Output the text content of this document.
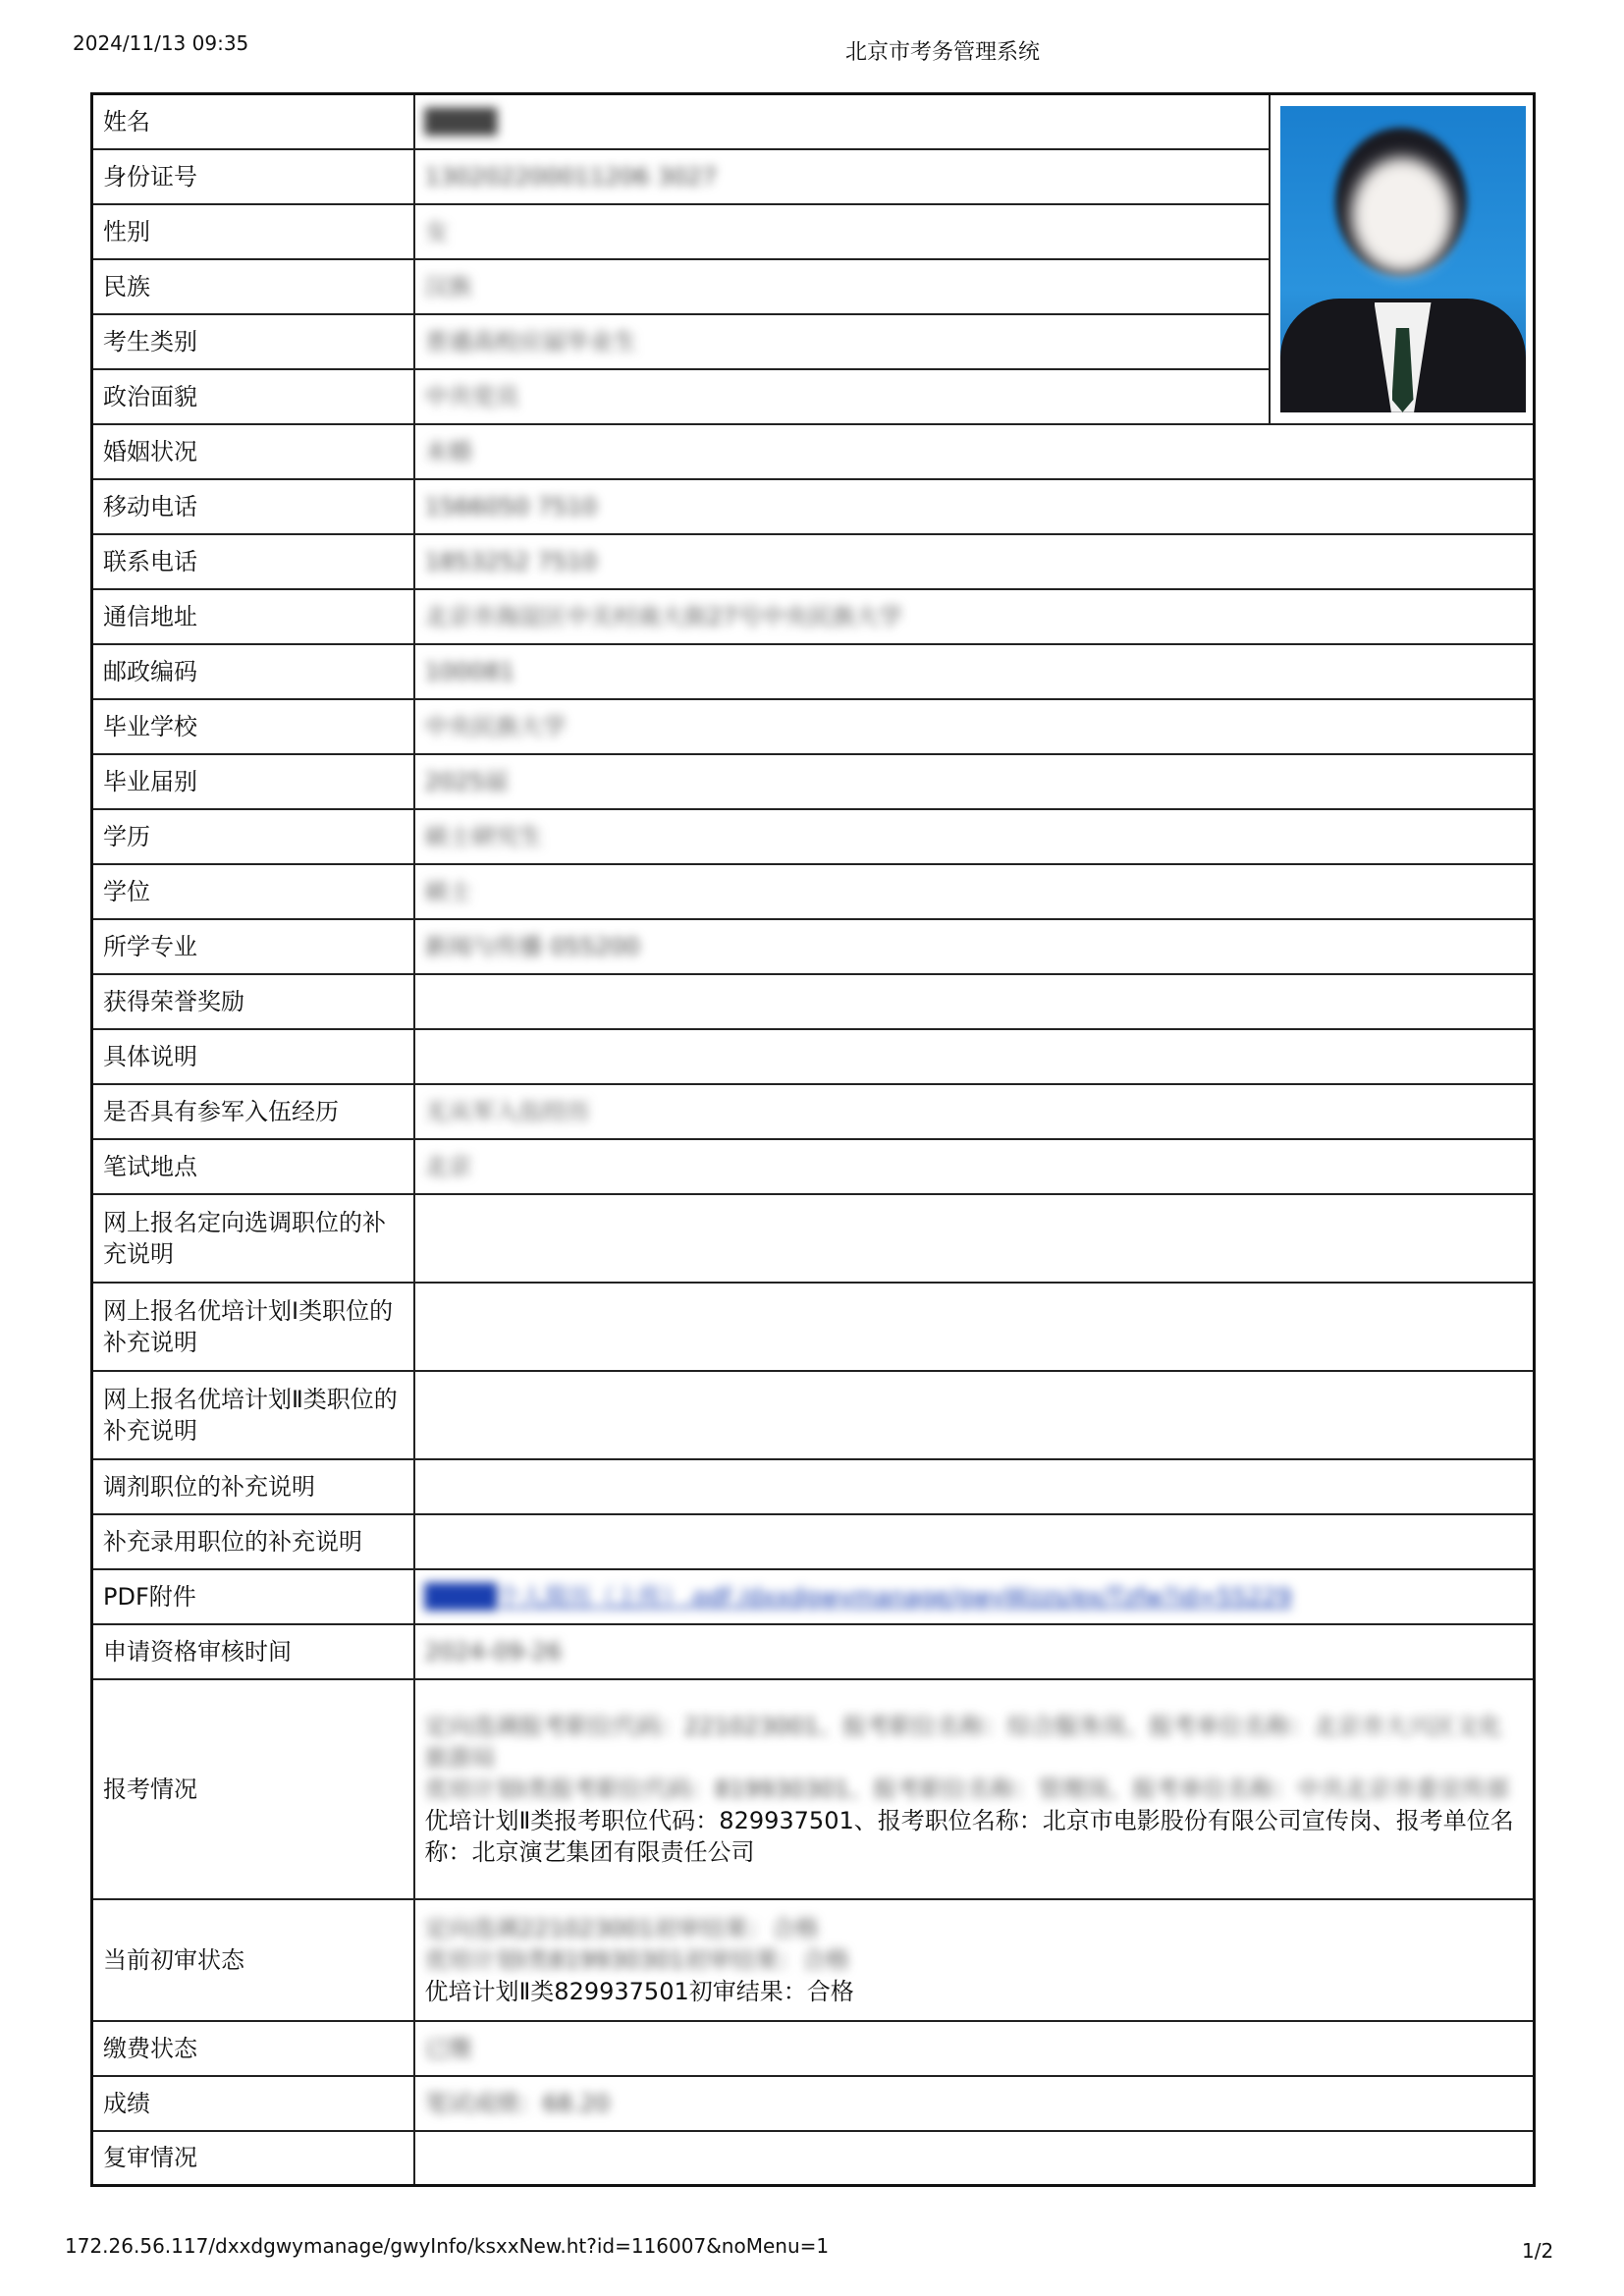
2024/11/13 09:35	北京市考务管理系统
姓名	████	

身份证号	130202200011206 3027	
性别	女	
民族	汉族	
考生类别	普通高校应届毕业生	
政治面貌	中共党员	
婚姻状况	未婚	
移动电话	1566050 7510	
联系电话	1853252 7510	
通信地址	北京市海淀区中关村南大街27号中央民族大学	
邮政编码	100081	
毕业学校	中央民族大学	
毕业届别	2025届	
学历	硕士研究生	
学位	硕士	
所学专业	新闻与传播 055200	
获得荣誉奖励		
具体说明		
是否具有参军入伍经历	无从军入伍经历	
笔试地点	北京	
网上报名定向选调职位的补充说明		
网上报名优培计划Ⅰ类职位的补充说明		
网上报名优培计划Ⅱ类职位的补充说明		
调剂职位的补充说明		
补充录用职位的补充说明		
PDF附件	████个人简历（上传）.pdf /dxxdgwymanage/gwyWzzs/ex/Tzfw?id=55229	
申请资格审核时间	2024-09-26	
报考情况	定向选调报考职位代码：221023001、报考职位名称：综合服务岗、报考单位名称：北京市大兴区文化旅游局
优培计划Ⅰ类报考职位代码：819930301、报考职位名称：管理岗、报考单位名称：中共北京市委宣传部
优培计划Ⅱ类报考职位代码：829937501、报考职位名称：北京市电影股份有限公司宣传岗、报考单位名称：北京演艺集团有限责任公司	

当前初审状态	定向选调221023001初审结果：合格
优培计划Ⅰ类819930301初审结果：合格
优培计划Ⅱ类829937501初审结果：合格	

缴费状态	已缴	
成绩	笔试成绩：68.20	
复审情况		
172.26.56.117/dxxdgwymanage/gwyInfo/ksxxNew.ht?id=116007&noMenu=1	1/2
